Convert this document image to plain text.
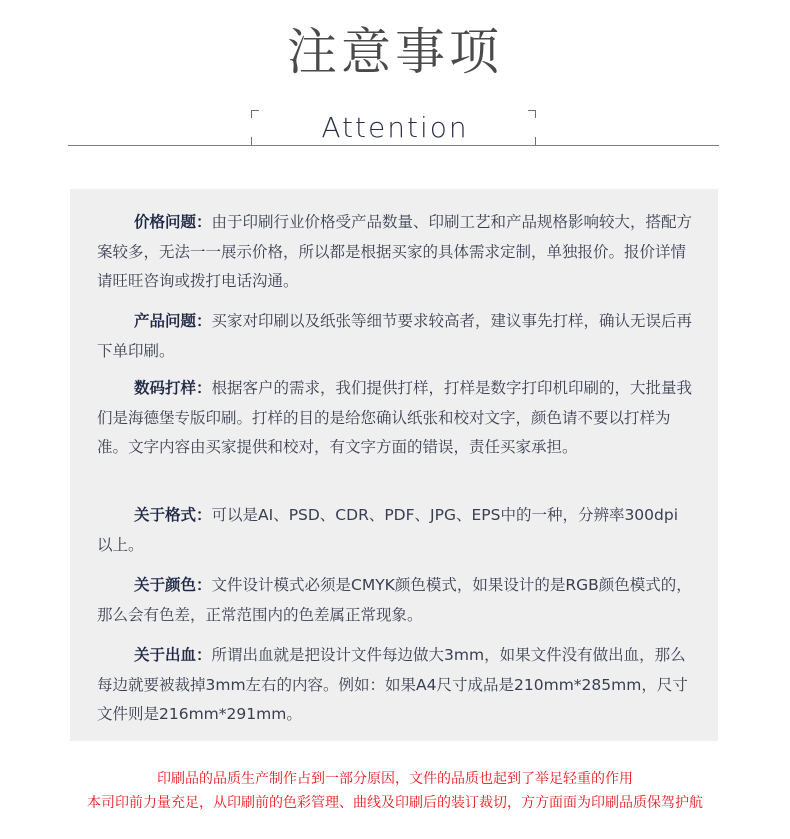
注意事项
Attention

价格问题：由于印刷行业价格受产品数量、印刷工艺和产品规格影响较大，搭配方案较多，无法一一展示价格，所以都是根据买家的具体需求定制，单独报价。报价详情请旺旺咨询或拨打电话沟通。

产品问题：买家对印刷以及纸张等细节要求较高者，建议事先打样，确认无误后再下单印刷。

数码打样：根据客户的需求，我们提供打样，打样是数字打印机印刷的，大批量我们是海德堡专版印刷。打样的目的是给您确认纸张和校对文字，颜色请不要以打样为准。文字内容由买家提供和校对，有文字方面的错误，责任买家承担。

关于格式：可以是AI、PSD、CDR、PDF、JPG、EPS中的一种，分辨率300dpi以上。

关于颜色：文件设计模式必须是CMYK颜色模式，如果设计的是RGB颜色模式的，那么会有色差，正常范围内的色差属正常现象。

关于出血：所谓出血就是把设计文件每边做大3mm，如果文件没有做出血，那么每边就要被裁掉3mm左右的内容。例如：如果A4尺寸成品是210mm*285mm，尺寸文件则是216mm*291mm。

印刷品的品质生产制作占到一部分原因，文件的品质也起到了举足轻重的作用
本司印前力量充足，从印刷前的色彩管理、曲线及印刷后的装订裁切，方方面面为印刷品质保驾护航
